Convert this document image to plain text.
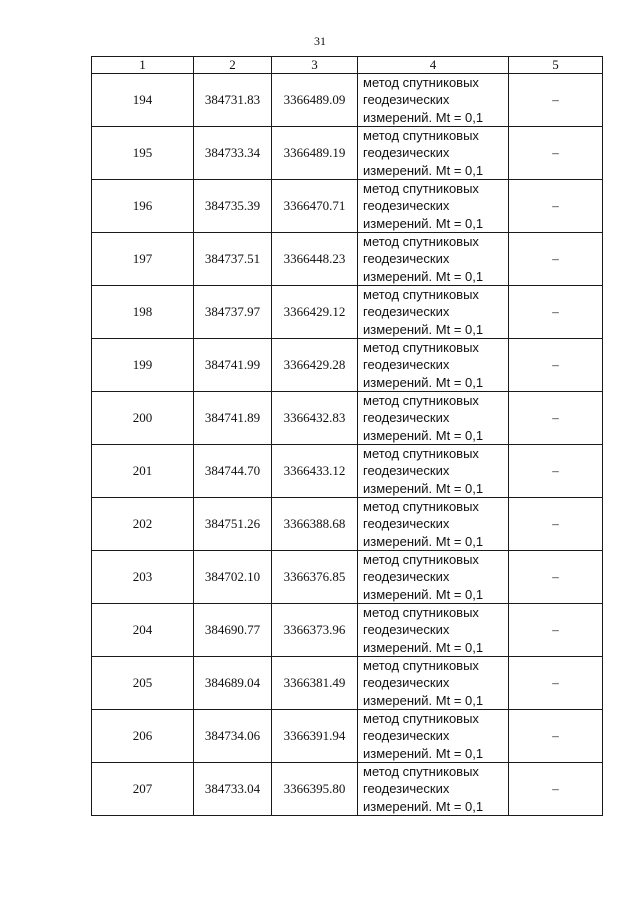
31
1	2	3	4	5
194	384731.83	3366489.09	метод спутниковых
геодезических
измерений. Mt = 0,1	–
195	384733.34	3366489.19	метод спутниковых
геодезических
измерений. Mt = 0,1	–
196	384735.39	3366470.71	метод спутниковых
геодезических
измерений. Mt = 0,1	–
197	384737.51	3366448.23	метод спутниковых
геодезических
измерений. Mt = 0,1	–
198	384737.97	3366429.12	метод спутниковых
геодезических
измерений. Mt = 0,1	–
199	384741.99	3366429.28	метод спутниковых
геодезических
измерений. Mt = 0,1	–
200	384741.89	3366432.83	метод спутниковых
геодезических
измерений. Mt = 0,1	–
201	384744.70	3366433.12	метод спутниковых
геодезических
измерений. Mt = 0,1	–
202	384751.26	3366388.68	метод спутниковых
геодезических
измерений. Mt = 0,1	–
203	384702.10	3366376.85	метод спутниковых
геодезических
измерений. Mt = 0,1	–
204	384690.77	3366373.96	метод спутниковых
геодезических
измерений. Mt = 0,1	–
205	384689.04	3366381.49	метод спутниковых
геодезических
измерений. Mt = 0,1	–
206	384734.06	3366391.94	метод спутниковых
геодезических
измерений. Mt = 0,1	–
207	384733.04	3366395.80	метод спутниковых
геодезических
измерений. Mt = 0,1	–
